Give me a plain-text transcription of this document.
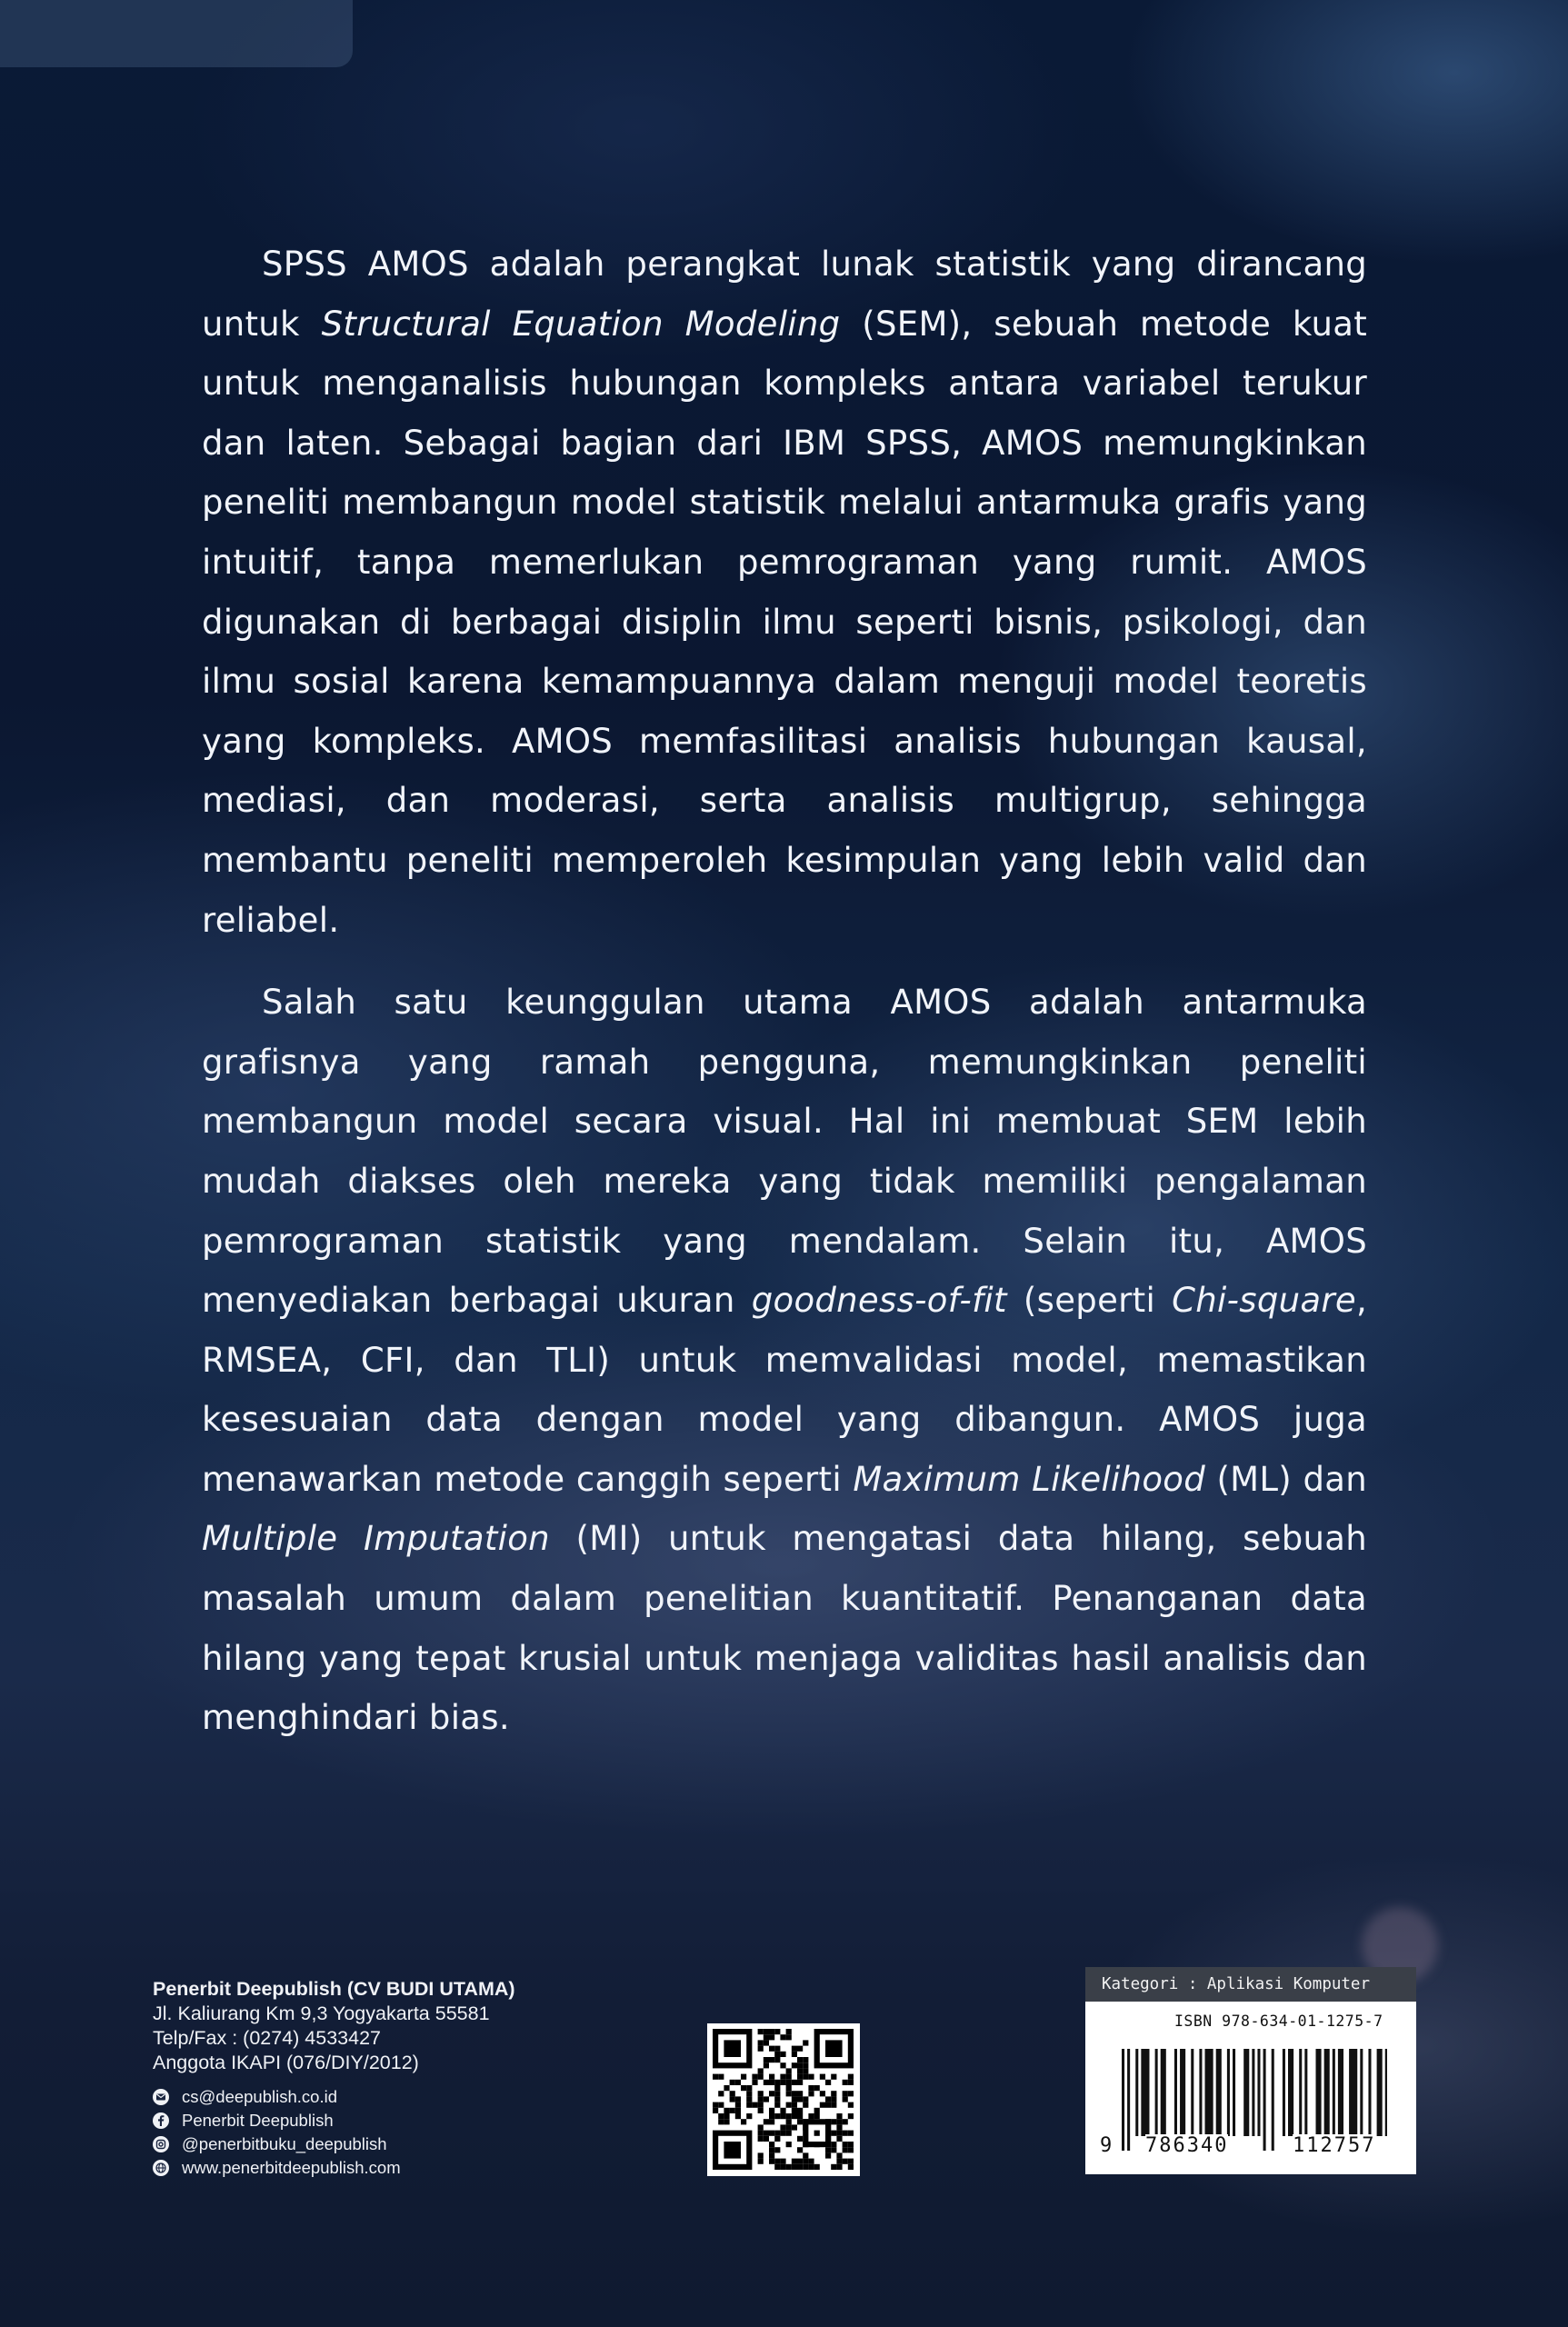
SPSS AMOS adalah perangkat lunak statistik yang dirancang untuk Structural Equation Modeling (SEM), sebuah metode kuat untuk menganalisis hubungan kompleks antara variabel terukur dan laten. Sebagai bagian dari IBM SPSS, AMOS memungkinkan peneliti membangun model statistik melalui antarmuka grafis yang intuitif, tanpa memerlukan pemrograman yang rumit. AMOS digunakan di berbagai disiplin ilmu seperti bisnis, psikologi, dan ilmu sosial karena kemampuannya dalam menguji model teoretis yang kompleks. AMOS memfasilitasi analisis hubungan kausal, mediasi, dan moderasi, serta analisis multigrup, sehingga membantu peneliti memperoleh kesimpulan yang lebih valid dan reliabel.

Salah satu keunggulan utama AMOS adalah antarmuka grafisnya yang ramah pengguna, memungkinkan peneliti membangun model secara visual. Hal ini membuat SEM lebih mudah diakses oleh mereka yang tidak memiliki pengalaman pemrograman statistik yang mendalam. Selain itu, AMOS menyediakan berbagai ukuran goodness-of-fit (seperti Chi-square, RMSEA, CFI, dan TLI) untuk memvalidasi model, memastikan kesesuaian data dengan model yang dibangun. AMOS juga menawarkan metode canggih seperti Maximum Likelihood (ML) dan Multiple Imputation (MI) untuk mengatasi data hilang, sebuah masalah umum dalam penelitian kuantitatif. Penanganan data hilang yang tepat krusial untuk menjaga validitas hasil analisis dan menghindari bias.

Penerbit Deepublish (CV BUDI UTAMA)
Jl. Kaliurang Km 9,3 Yogyakarta 55581
Telp/Fax : (0274) 4533427
Anggota IKAPI (076/DIY/2012)
cs@deepublish.co.id
Penerbit Deepublish
@penerbitbuku_deepublish
www.penerbitdeepublish.com
Kategori : Aplikasi Komputer
ISBN 978-634-01-1275-7
9 786340	112757
